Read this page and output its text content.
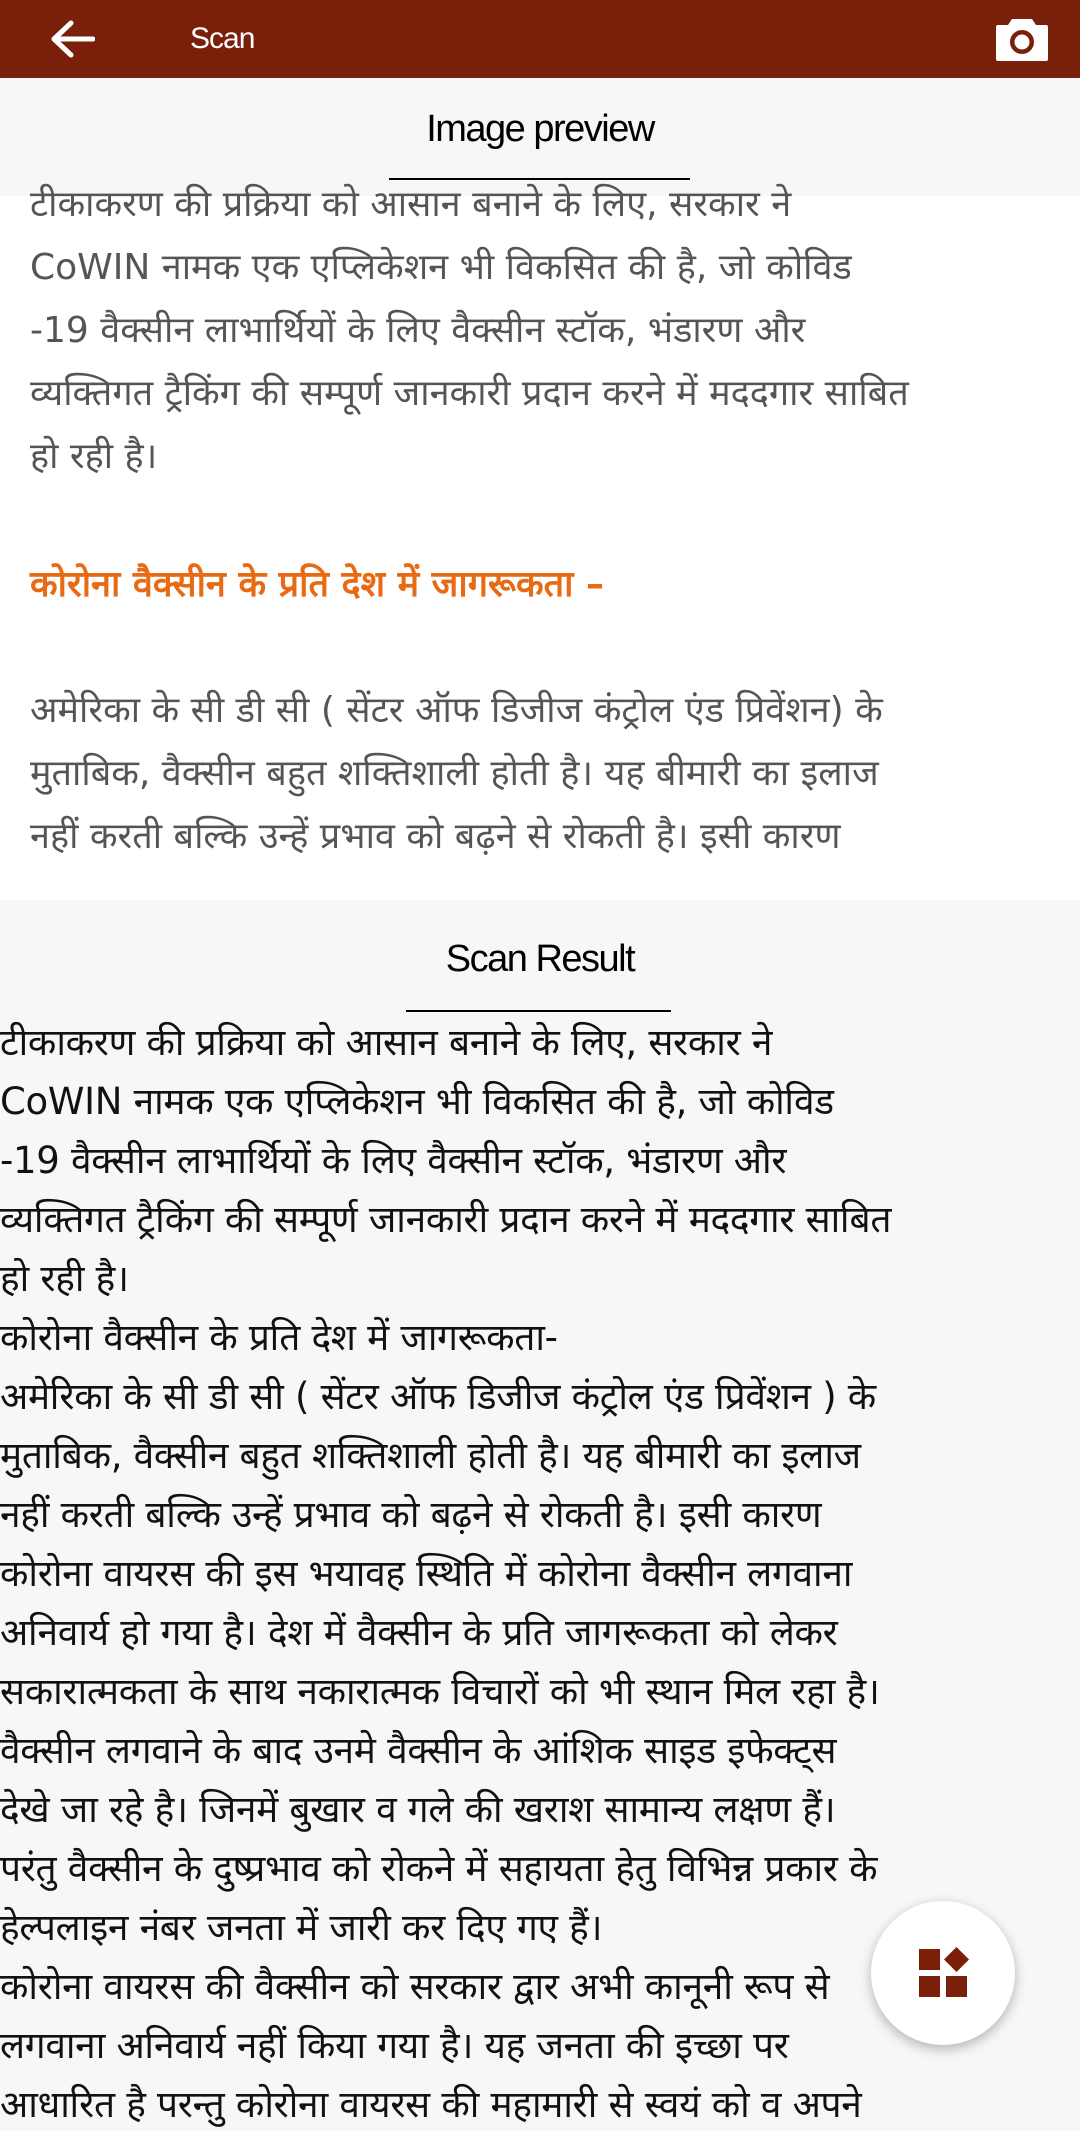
Scan
Image preview
टीकाकरण की प्रक्रिया को आसान बनाने के लिए, सरकार ने
CoWIN नामक एक एप्लिकेशन भी विकसित की है, जो कोविड
-19 वैक्सीन लाभार्थियों के लिए वैक्सीन स्टॉक, भंडारण और
व्यक्तिगत ट्रैकिंग की सम्पूर्ण जानकारी प्रदान करने में मददगार साबित
हो रही है।
कोरोना वैक्सीन के प्रति देश में जागरूकता –
अमेरिका के सी डी सी ( सेंटर ऑफ डिजीज कंट्रोल एंड प्रिवेंशन) के
मुताबिक, वैक्सीन बहुत शक्तिशाली होती है। यह बीमारी का इलाज
नहीं करती बल्कि उन्हें प्रभाव को बढ़ने से रोकती है। इसी कारण
Scan Result
टीकाकरण की प्रक्रिया को आसान बनाने के लिए, सरकार ने
CoWIN नामक एक एप्लिकेशन भी विकसित की है, जो कोविड
-19 वैक्सीन लाभार्थियों के लिए वैक्सीन स्टॉक, भंडारण और
व्यक्तिगत ट्रैकिंग की सम्पूर्ण जानकारी प्रदान करने में मददगार साबित
हो रही है।
कोरोना वैक्सीन के प्रति देश में जागरूकता-
अमेरिका के सी डी सी ( सेंटर ऑफ डिजीज कंट्रोल एंड प्रिवेंशन ) के
मुताबिक, वैक्सीन बहुत शक्तिशाली होती है। यह बीमारी का इलाज
नहीं करती बल्कि उन्हें प्रभाव को बढ़ने से रोकती है। इसी कारण
कोरोना वायरस की इस भयावह स्थिति में कोरोना वैक्सीन लगवाना
अनिवार्य हो गया है। देश में वैक्सीन के प्रति जागरूकता को लेकर
सकारात्मकता के साथ नकारात्मक विचारों को भी स्थान मिल रहा है।
वैक्सीन लगवाने के बाद उनमे वैक्सीन के आंशिक साइड इफेक्ट्स
देखे जा रहे है। जिनमें बुखार व गले की खराश सामान्य लक्षण हैं।
परंतु वैक्सीन के दुष्प्रभाव को रोकने में सहायता हेतु विभिन्न प्रकार के
हेल्पलाइन नंबर जनता में जारी कर दिए गए हैं।
कोरोना वायरस की वैक्सीन को सरकार द्वार अभी कानूनी रूप से
लगवाना अनिवार्य नहीं किया गया है। यह जनता की इच्छा पर
आधारित है परन्तु कोरोना वायरस की महामारी से स्वयं को व अपने
